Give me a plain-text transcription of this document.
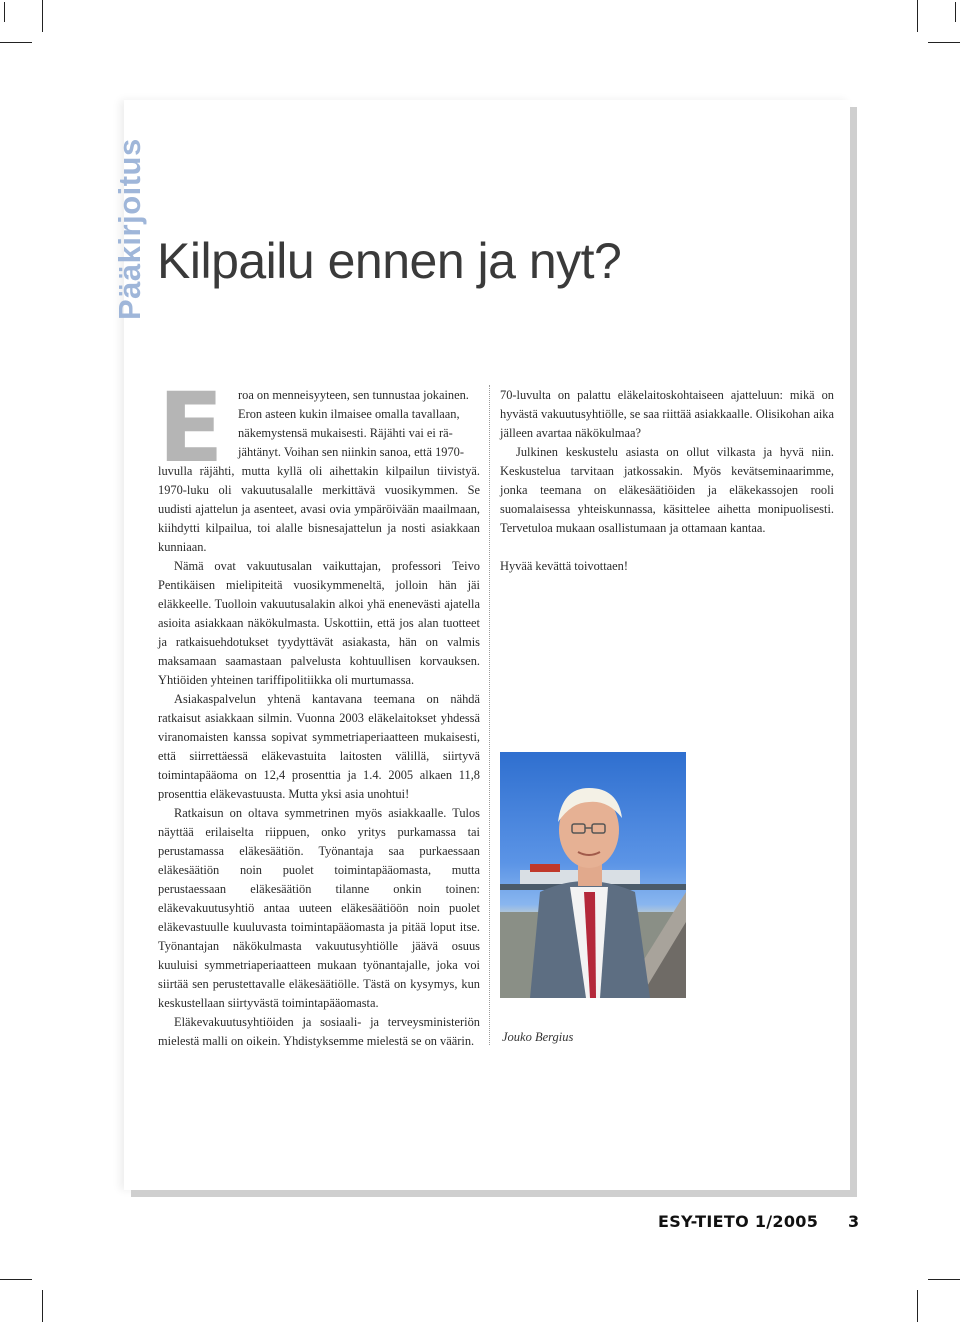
Pääkirjoitus Kilpailu ennen ja nyt?
E	roa on menneisyyteen, sen tunnustaa jokainen.
Eron asteen kukin ilmaisee omalla tavallaan,
näkemystensä mukaisesti. Räjähti vai ei rä-
jähtänyt. Voihan sen niinkin sanoa, että 1970-
luvulla räjähti, mutta kyllä oli aihettakin kilpailun tiivistyä. 1970-luku oli vakuutusalalle merkittävä vuosikymmen. Se uudisti ajattelun ja asenteet, avasi ovia ympäröivään maailmaan, kiihdytti kilpailua, toi alalle bisnesajattelun ja nosti asiakkaan kunniaan.

Nämä ovat vakuutusalan vaikuttajan, professori Teivo Pentikäisen mielipiteitä vuosikymmeneltä, jolloin hän jäi eläkkeelle. Tuolloin vakuutusalakin alkoi yhä enenevästi ajatella asioita asiakkaan näkökulmasta. Uskottiin, että jos alan tuotteet ja ratkaisuehdotukset tyydyttävät asiakasta, hän on valmis maksamaan saamastaan palvelusta kohtuullisen korvauksen. Yhtiöiden yhteinen tariffipolitiikka oli murtumassa.

Asiakaspalvelun yhtenä kantavana teemana on nähdä ratkaisut asiakkaan silmin. Vuonna 2003 eläkelaitokset yhdessä viranomaisten kanssa sopivat symmetriaperiaatteen mukaisesti, että siirrettäessä eläkevastuita laitosten välillä, siirtyvä toimintapääoma on 12,4 prosenttia ja 1.4. 2005 alkaen 11,8 prosenttia eläkevastuusta. Mutta yksi asia unohtui!

Ratkaisun on oltava symmetrinen myös asiakkaalle. Tulos näyttää erilaiselta riippuen, onko yritys purkamassa tai perustamassa eläkesäätiön. Työnantaja saa purkaessaan eläkesäätiön noin puolet toimintapääomasta, mutta perustaessaan eläkesäätiön tilanne onkin toinen: eläkevakuutusyhtiö antaa uuteen eläkesäätiöön noin puolet eläkevastuulle kuuluvasta toimintapääomasta ja pitää loput itse. Työnantajan näkökulmasta vakuutusyhtiölle jäävä osuus kuuluisi symmetriaperiaatteen mukaan työnantajalle, joka voi siirtää sen perustettavalle eläkesäätiölle. Tästä on kysymys, kun keskustellaan siirtyvästä toimintapääomasta.

Eläkevakuutusyhtiöiden ja sosiaali- ja terveysministeriön mielestä malli on oikein. Yhdistyksemme mielestä se on väärin.

70-luvulta on palattu eläkelaitoskohtaiseen ajatteluun: mikä on hyvästä vakuutusyhtiölle, se saa riittää asiakkaalle. Olisikohan aika jälleen avartaa näkökulmaa?

Julkinen keskustelu asiasta on ollut vilkasta ja hyvä niin. Keskustelua tarvitaan jatkossakin. Myös kevätseminaarimme, jonka teemana on eläkesäätiöiden ja eläkekassojen rooli suomalaisessa yhteiskunnassa, käsittelee aihetta monipuolisesti. Tervetuloa mukaan osallistumaan ja ottamaan kantaa.

Hyvää kevättä toivottaen!

Jouko Bergius
ESY-TIETO 1/2005 3
